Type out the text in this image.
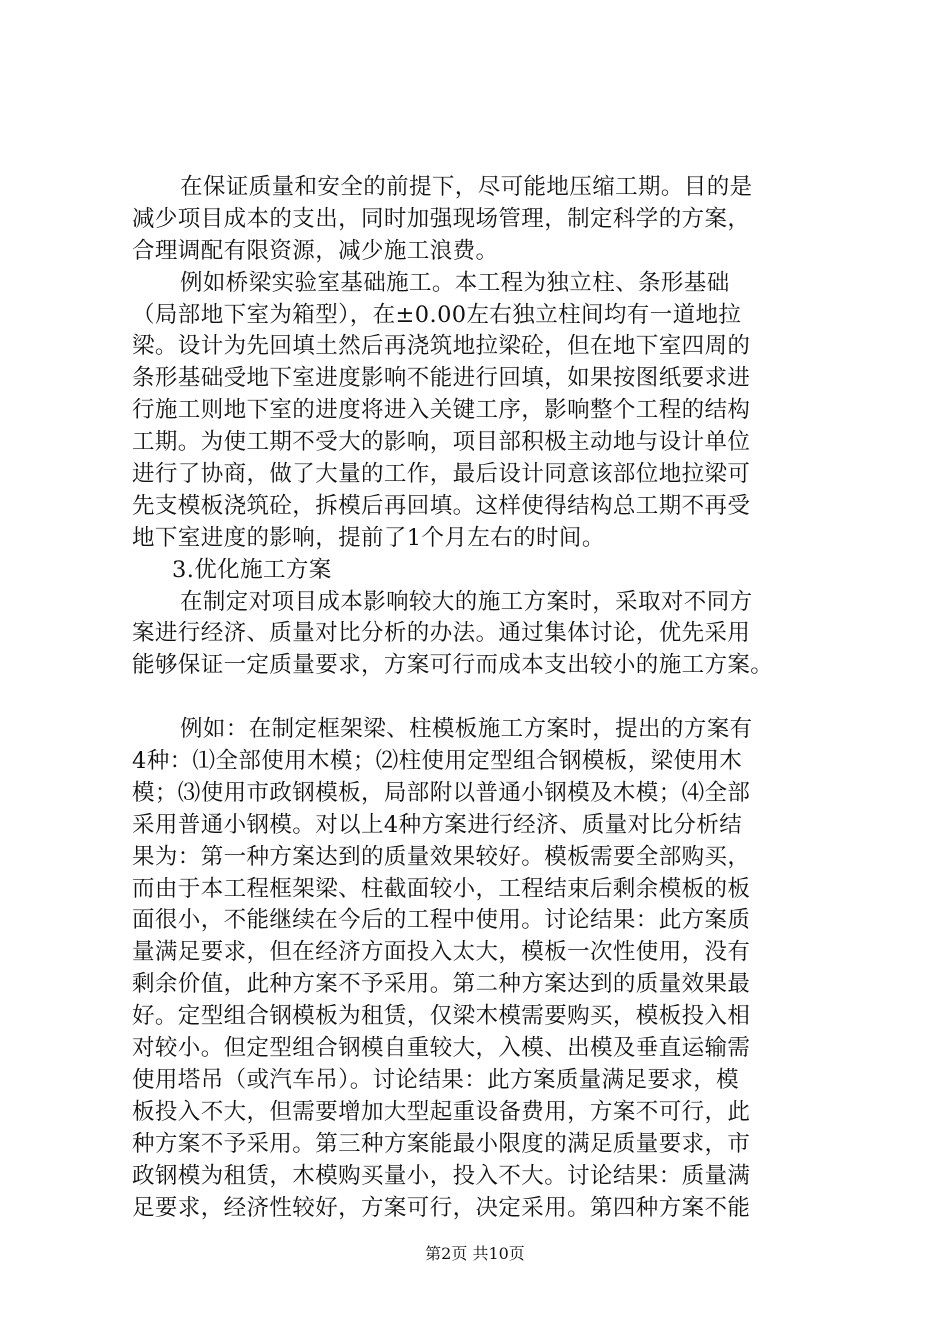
在保证质量和安全的前提下，尽可能地压缩工期。目的是
减少项目成本的支出，同时加强现场管理，制定科学的方案，
合理调配有限资源，减少施工浪费。
例如桥梁实验室基础施工。本工程为独立柱、条形基础
（局部地下室为箱型），在±0.00左右独立柱间均有一道地拉
梁。设计为先回填土然后再浇筑地拉梁砼，但在地下室四周的
条形基础受地下室进度影响不能进行回填，如果按图纸要求进
行施工则地下室的进度将进入关键工序，影响整个工程的结构
工期。为使工期不受大的影响，项目部积极主动地与设计单位
进行了协商，做了大量的工作，最后设计同意该部位地拉梁可
先支模板浇筑砼，拆模后再回填。这样使得结构总工期不再受
地下室进度的影响，提前了1个月左右的时间。
3.优化施工方案
在制定对项目成本影响较大的施工方案时，采取对不同方
案进行经济、质量对比分析的办法。通过集体讨论，优先采用
能够保证一定质量要求，方案可行而成本支出较小的施工方案。
例如：在制定框架梁、柱模板施工方案时，提出的方案有
4种：⑴全部使用木模；⑵柱使用定型组合钢模板，梁使用木
模；⑶使用市政钢模板，局部附以普通小钢模及木模；⑷全部
采用普通小钢模。对以上4种方案进行经济、质量对比分析结
果为：第一种方案达到的质量效果较好。模板需要全部购买，
而由于本工程框架梁、柱截面较小，工程结束后剩余模板的板
面很小，不能继续在今后的工程中使用。讨论结果：此方案质
量满足要求，但在经济方面投入太大，模板一次性使用，没有
剩余价值，此种方案不予采用。第二种方案达到的质量效果最
好。定型组合钢模板为租赁，仅梁木模需要购买，模板投入相
对较小。但定型组合钢模自重较大，入模、出模及垂直运输需
使用塔吊（或汽车吊）。讨论结果：此方案质量满足要求，模
板投入不大，但需要增加大型起重设备费用，方案不可行，此
种方案不予采用。第三种方案能最小限度的满足质量要求，市
政钢模为租赁，木模购买量小，投入不大。讨论结果：质量满
足要求，经济性较好，方案可行，决定采用。第四种方案不能
第2页 共10页
